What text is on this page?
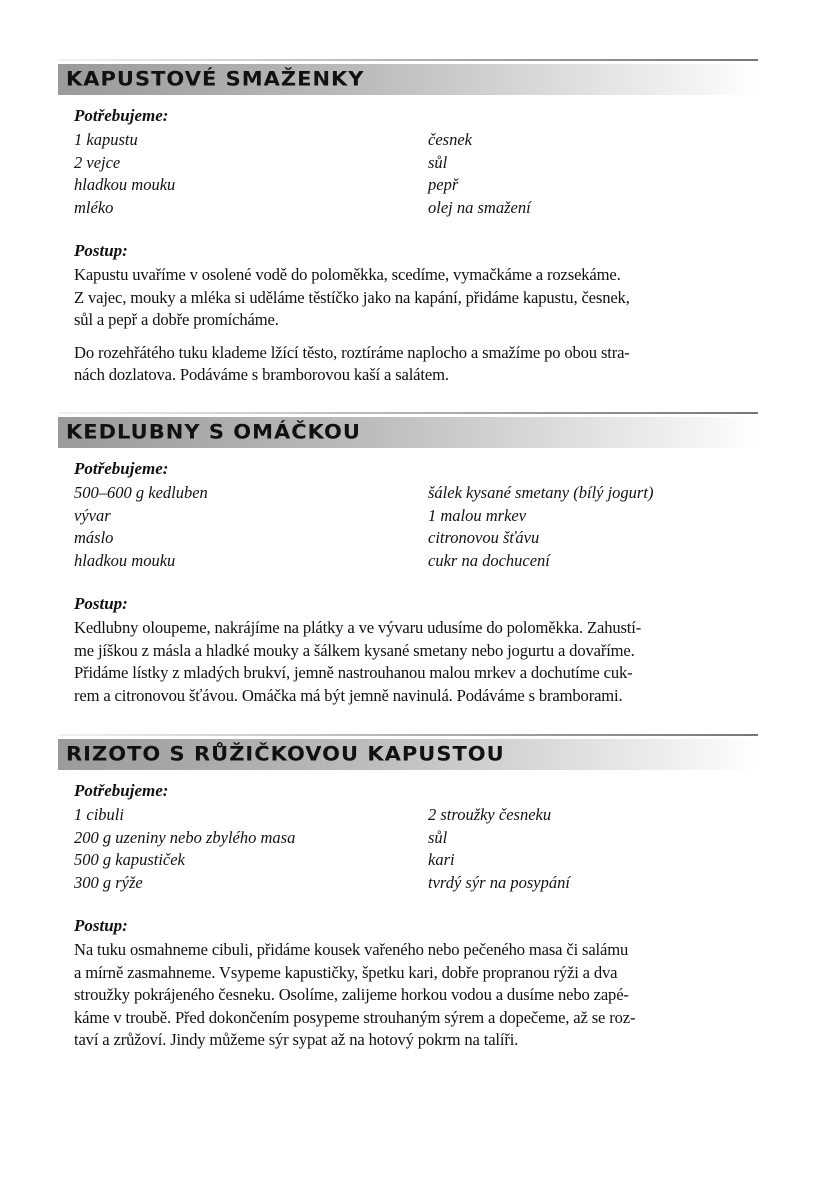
KAPUSTOVÉ SMAŽENKY
Potřebujeme:
1 kapustu
2 vejce
hladkou mouku
mléko
česnek
sůl
pepř
olej na smažení
Postup:
Kapustu uvaříme v osolené vodě do poloměkka, scedíme, vymačkáme a rozsekáme.
Z vajec, mouky a mléka si uděláme těstíčko jako na kapání, přidáme kapustu, česnek,
sůl a pepř a dobře promícháme.
Do rozehřátého tuku klademe lžící těsto, roztíráme naplocho a smažíme po obou stra-
nách dozlatova. Podáváme s bramborovou kaší a salátem.
KEDLUBNY S OMÁČKOU
Potřebujeme:
500–600 g kedluben
vývar
máslo
hladkou mouku
šálek kysané smetany (bílý jogurt)
1 malou mrkev
citronovou šťávu
cukr na dochucení
Postup:
Kedlubny oloupeme, nakrájíme na plátky a ve vývaru udusíme do poloměkka. Zahustí-
me jíškou z másla a hladké mouky a šálkem kysané smetany nebo jogurtu a dovaříme.
Přidáme lístky z mladých brukví, jemně nastrouhanou malou mrkev a dochutíme cuk-
rem a citronovou šťávou. Omáčka má být jemně navinulá. Podáváme s bramborami.
RIZOTO S RŮŽIČKOVOU KAPUSTOU
Potřebujeme:
1 cibuli
200 g uzeniny nebo zbylého masa
500 g kapustiček
300 g rýže
2 stroužky česneku
sůl
kari
tvrdý sýr na posypání
Postup:
Na tuku osmahneme cibuli, přidáme kousek vařeného nebo pečeného masa či salámu
a mírně zasmahneme. Vsypeme kapustičky, špetku kari, dobře propranou rýži a dva
stroužky pokrájeného česneku. Osolíme, zalijeme horkou vodou a dusíme nebo zapé-
káme v troubě. Před dokončením posypeme strouhaným sýrem a dopečeme, až se roz-
taví a zrůžoví. Jindy můžeme sýr sypat až na hotový pokrm na talíři.
